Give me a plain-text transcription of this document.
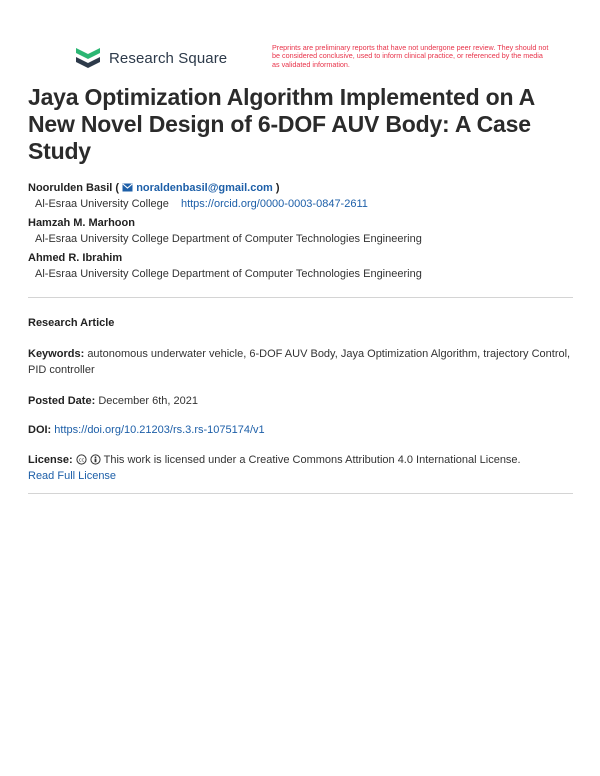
Research Square
Preprints are preliminary reports that have not undergone peer review. They should not be considered conclusive, used to inform clinical practice, or referenced by the media as validated information.
Jaya Optimization Algorithm Implemented on A New Novel Design of 6-DOF AUV Body: A Case Study
Noorulden Basil (  noraldenbasil@gmail.com )
Al-Esraa University College https://orcid.org/0000-0003-0847-2611
Hamzah M. Marhoon
Al-Esraa University College Department of Computer Technologies Engineering
Ahmed R. Ibrahim
Al-Esraa University College Department of Computer Technologies Engineering
Research Article
Keywords: autonomous underwater vehicle, 6-DOF AUV Body, Jaya Optimization Algorithm, trajectory Control, PID controller
Posted Date: December 6th, 2021
DOI: https://doi.org/10.21203/rs.3.rs-1075174/v1
License: cc This work is licensed under a Creative Commons Attribution 4.0 International License.
Read Full License
